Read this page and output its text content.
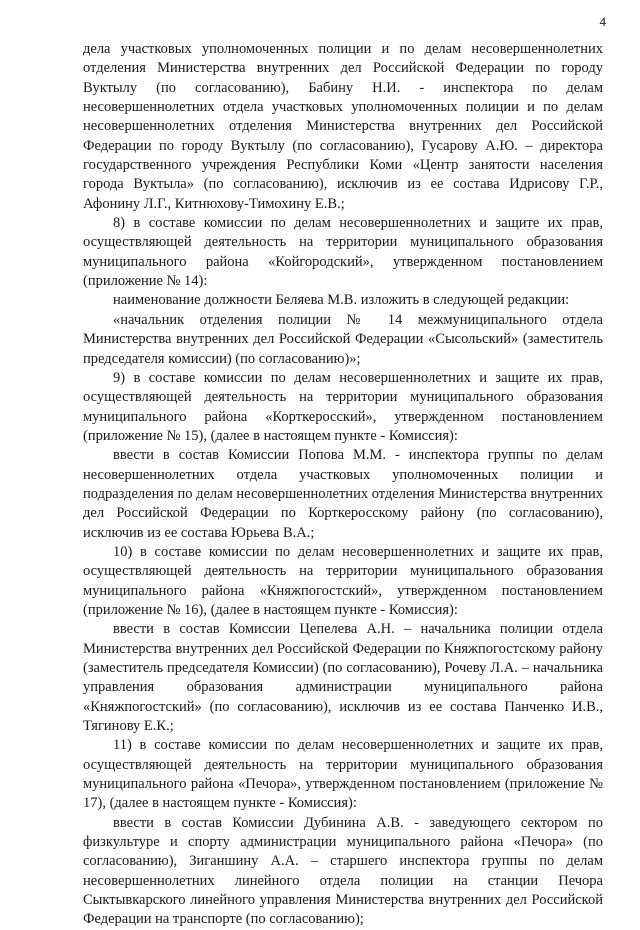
4

дела участковых уполномоченных полиции и по делам несовершеннолетних отделения Министерства внутренних дел Российской Федерации по городу Вуктылу (по согласованию), Бабину Н.И. - инспектора по делам несовершеннолетних отдела участковых уполномоченных полиции и по делам несовершеннолетних отделения Министерства внутренних дел Российской Федерации по городу Вуктылу (по согласованию), Гусарову А.Ю. – директора государственного учреждения Республики Коми «Центр занятости населения города Вуктыла» (по согласованию), исключив из ее состава Идрисову Г.Р., Афонину Л.Г., Китнюхову-Тимохину Е.В.;

8) в составе комиссии по делам несовершеннолетних и защите их прав, осуществляющей деятельность на территории муниципального образования муниципального района «Койгородский», утвержденном постановлением (приложение № 14):

наименование должности Беляева М.В. изложить в следующей редакции:

«начальник отделения полиции № 14 межмуниципального отдела Министерства внутренних дел Российской Федерации «Сысольский» (заместитель председателя комиссии) (по согласованию)»;

9) в составе комиссии по делам несовершеннолетних и защите их прав, осуществляющей деятельность на территории муниципального образования муниципального района «Корткеросский», утвержденном постановлением (приложение № 15), (далее в настоящем пункте - Комиссия):

ввести в состав Комиссии Попова М.М. - инспектора группы по делам несовершеннолетних отдела участковых уполномоченных полиции и подразделения по делам несовершеннолетних отделения Министерства внутренних дел Российской Федерации по Корткеросскому району (по согласованию), исключив из ее состава Юрьева В.А.;

10) в составе комиссии по делам несовершеннолетних и защите их прав, осуществляющей деятельность на территории муниципального образования муниципального района «Княжпогостский», утвержденном постановлением (приложение № 16), (далее в настоящем пункте - Комиссия):

ввести в состав Комиссии Цепелева А.Н. – начальника полиции отдела Министерства внутренних дел Российской Федерации по Княжпогостскому району (заместитель председателя Комиссии) (по согласованию), Рочеву Л.А. – начальника управления образования администрации муниципального района «Княжпогостский» (по согласованию), исключив из ее состава Панченко И.В., Тягинову Е.К.;

11) в составе комиссии по делам несовершеннолетних и защите их прав, осуществляющей деятельность на территории муниципального образования муниципального района «Печора», утвержденном постановлением (приложение № 17), (далее в настоящем пункте - Комиссия):

ввести в состав Комиссии Дубинина А.В. - заведующего сектором по физкультуре и спорту администрации муниципального района «Печора» (по согласованию), Зиганшину А.А. – старшего инспектора группы по делам несовершеннолетних линейного отдела полиции на станции Печора Сыктывкарского линейного управления Министерства внутренних дел Российской Федерации на транспорте (по согласованию);
